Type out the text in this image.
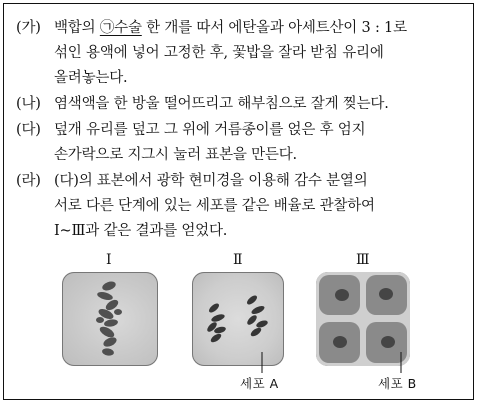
(가) 백합의 ㉠수술 한 개를 따서 에탄올과 아세트산이 3 : 1로
섞인 용액에 넣어 고정한 후, 꽃밥을 잘라 받침 유리에
올려놓는다.
(나) 염색액을 한 방울 떨어뜨리고 해부침으로 잘게 찢는다.
(다) 덮개 유리를 덮고 그 위에 거름종이를 얹은 후 엄지
손가락으로 지그시 눌러 표본을 만든다.
(라) (다)의 표본에서 광학 현미경을 이용해 감수 분열의
서로 다른 단계에 있는 세포를 같은 배율로 관찰하여
Ⅰ~Ⅲ과 같은 결과를 얻었다.
Ⅰ	Ⅱ	Ⅲ
세포 A	세포 B
